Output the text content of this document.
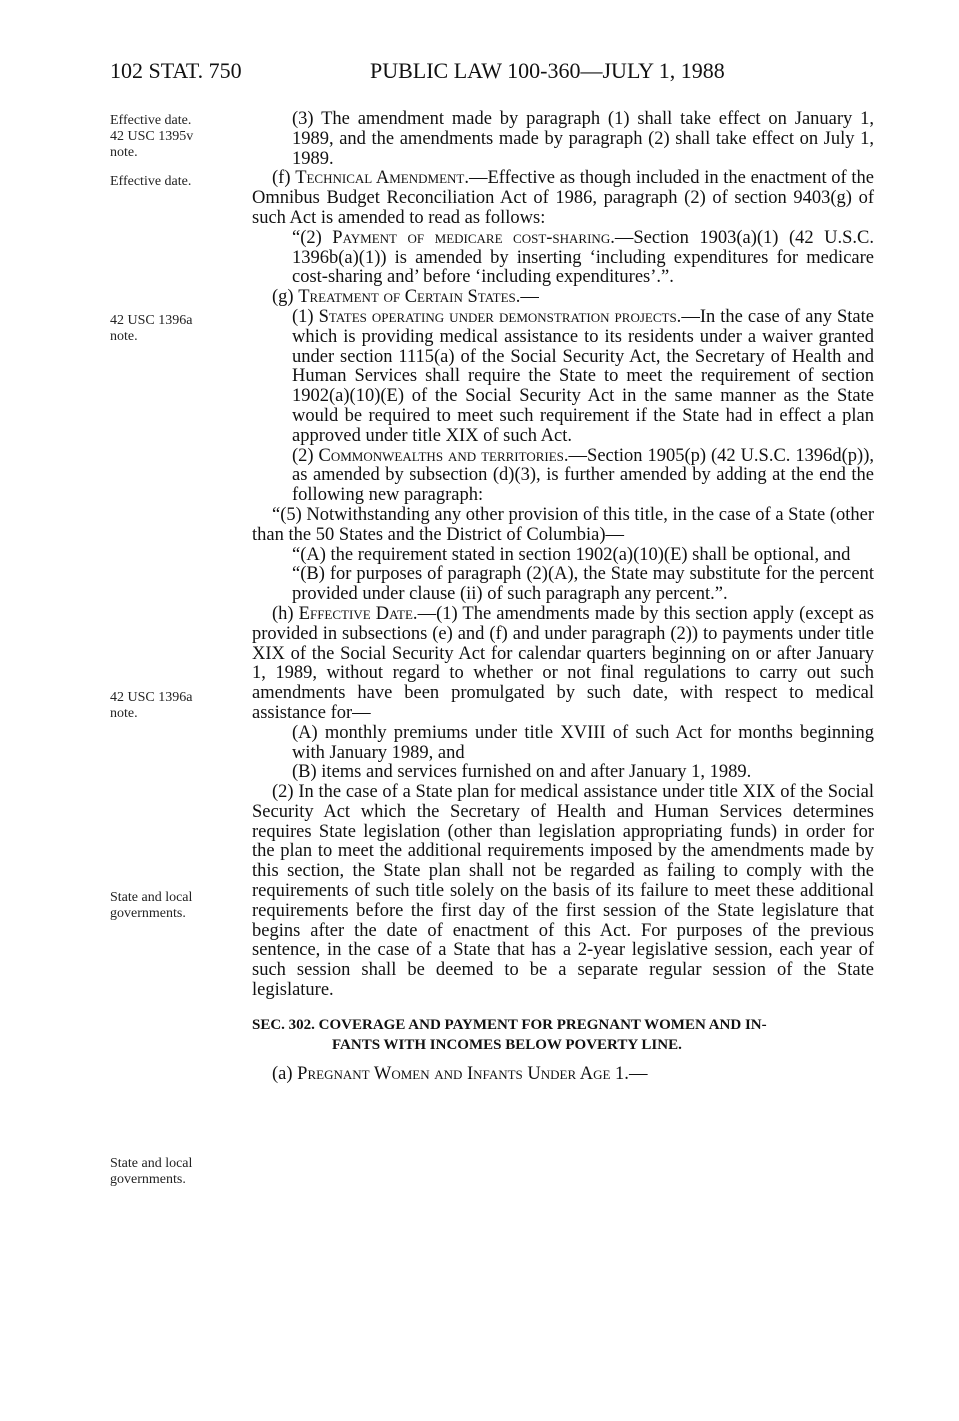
102 STAT. 750	PUBLIC LAW 100-360—JULY 1, 1988
Effective date.
42 USC 1395v
note.
Effective date.
42 USC 1396a
note.
42 USC 1396a
note.
State and local
governments.
State and local
governments.

(3) The amendment made by paragraph (1) shall take effect on January 1, 1989, and the amendments made by paragraph (2) shall take effect on July 1, 1989.

(f) Technical Amendment.—Effective as though included in the enactment of the Omnibus Budget Reconciliation Act of 1986, paragraph (2) of section 9403(g) of such Act is amended to read as follows:

“(2) Payment of medicare cost-sharing.—Section 1903(a)(1) (42 U.S.C. 1396b(a)(1)) is amended by inserting ‘including expenditures for medicare cost-sharing and’ before ‘including expenditures’.”.

(g) Treatment of Certain States.—

(1) States operating under demonstration projects.—In the case of any State which is providing medical assistance to its residents under a waiver granted under section 1115(a) of the Social Security Act, the Secretary of Health and Human Services shall require the State to meet the requirement of section 1902(a)(10)(E) of the Social Security Act in the same manner as the State would be required to meet such requirement if the State had in effect a plan approved under title XIX of such Act.

(2) Commonwealths and territories.—Section 1905(p) (42 U.S.C. 1396d(p)), as amended by subsection (d)(3), is further amended by adding at the end the following new paragraph:

“(5) Notwithstanding any other provision of this title, in the case of a State (other than the 50 States and the District of Columbia)—

“(A) the requirement stated in section 1902(a)(10)(E) shall be optional, and

“(B) for purposes of paragraph (2)(A), the State may substitute for the percent provided under clause (ii) of such paragraph any percent.”.

(h) Effective Date.—(1) The amendments made by this section apply (except as provided in subsections (e) and (f) and under paragraph (2)) to payments under title XIX of the Social Security Act for calendar quarters beginning on or after January 1, 1989, without regard to whether or not final regulations to carry out such amendments have been promulgated by such date, with respect to medical assistance for—

(A) monthly premiums under title XVIII of such Act for months beginning with January 1989, and

(B) items and services furnished on and after January 1, 1989.

(2) In the case of a State plan for medical assistance under title XIX of the Social Security Act which the Secretary of Health and Human Services determines requires State legislation (other than legislation appropriating funds) in order for the plan to meet the additional requirements imposed by the amendments made by this section, the State plan shall not be regarded as failing to comply with the requirements of such title solely on the basis of its failure to meet these additional requirements before the first day of the first session of the State legislature that begins after the date of enactment of this Act. For purposes of the previous sentence, in the case of a State that has a 2-year legislative session, each year of such session shall be deemed to be a separate regular session of the State legislature.

SEC. 302. COVERAGE AND PAYMENT FOR PREGNANT WOMEN AND IN-
FANTS WITH INCOMES BELOW POVERTY LINE.

(a) Pregnant Women and Infants Under Age 1.—
